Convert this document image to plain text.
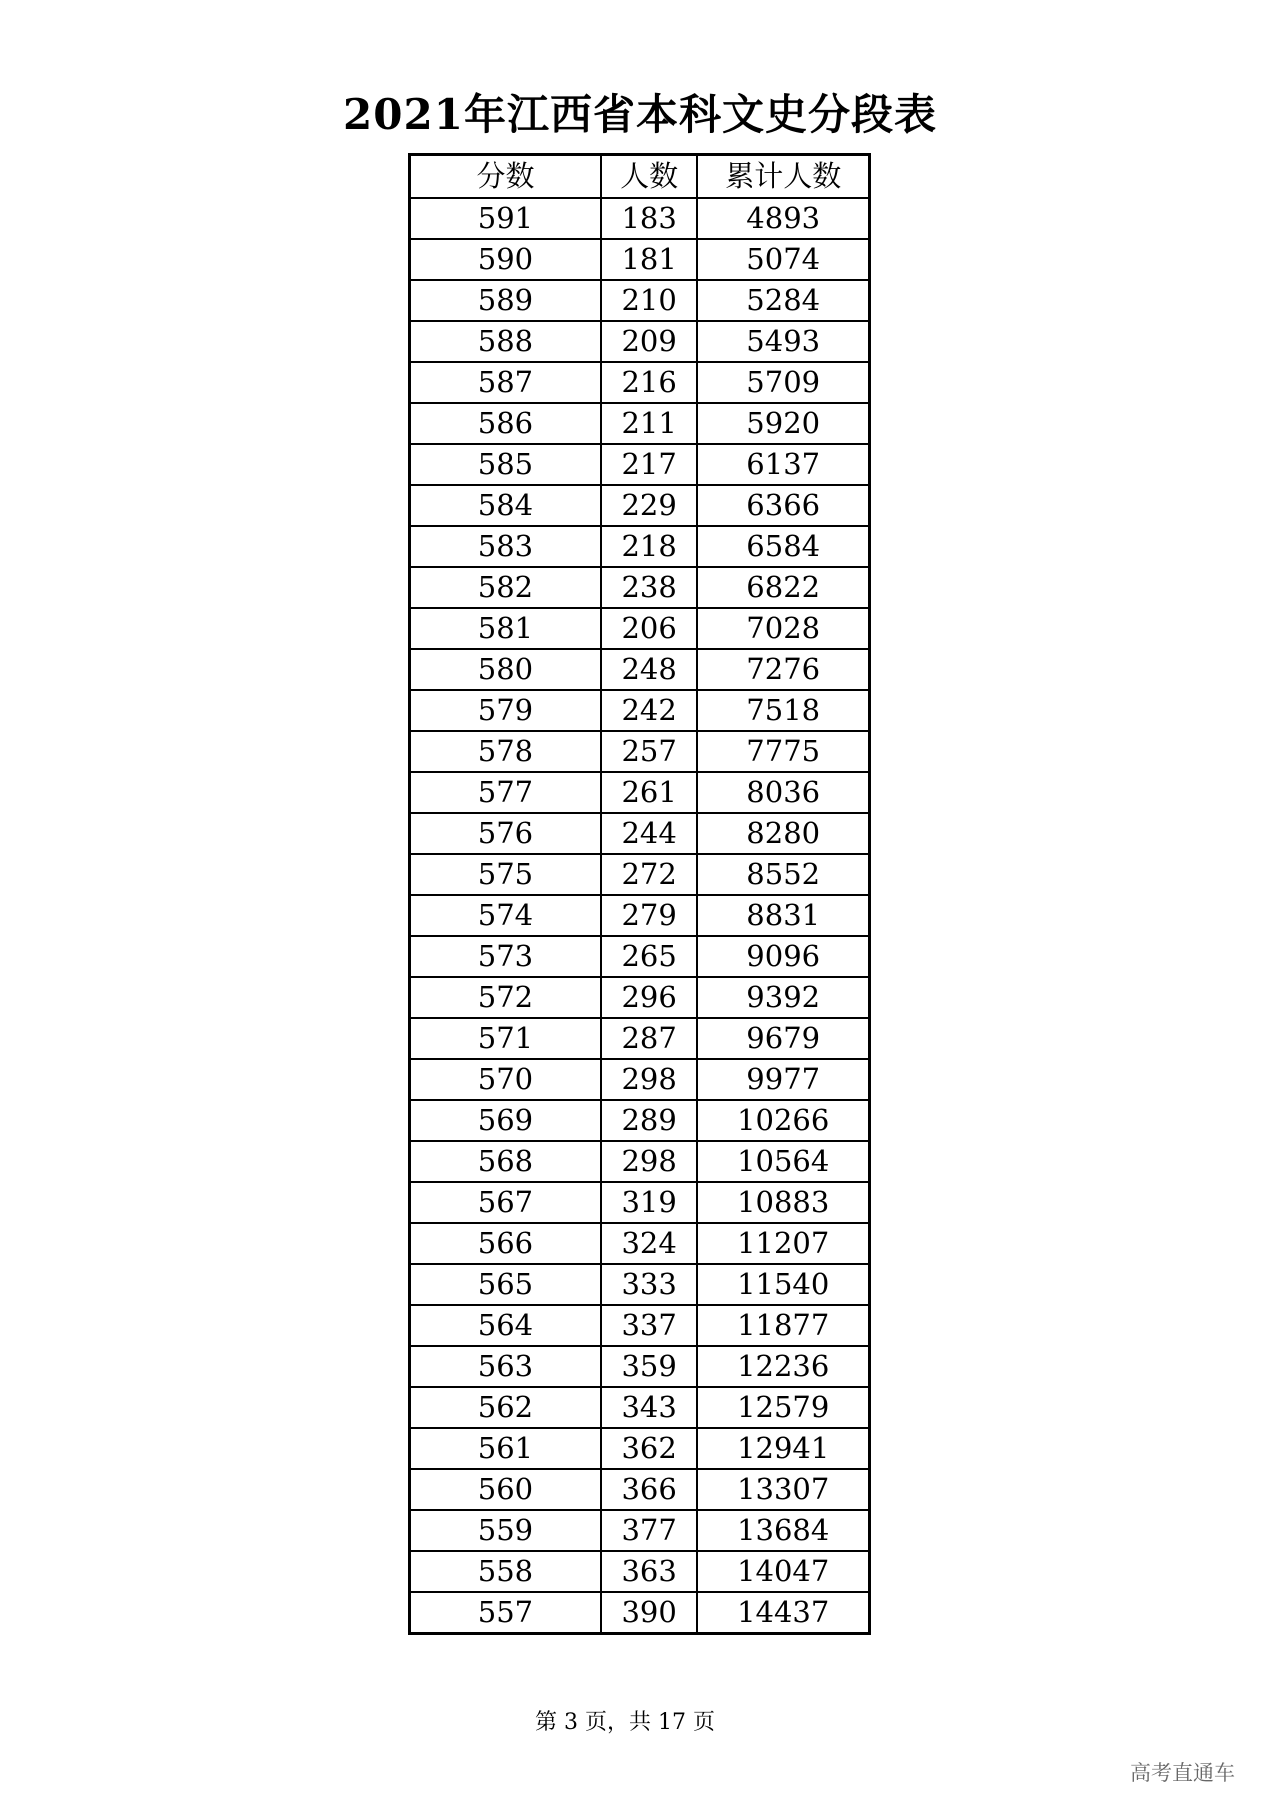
2021年江西省本科文史分段表
分数	人数	累计人数
591	183	4893
590	181	5074
589	210	5284
588	209	5493
587	216	5709
586	211	5920
585	217	6137
584	229	6366
583	218	6584
582	238	6822
581	206	7028
580	248	7276
579	242	7518
578	257	7775
577	261	8036
576	244	8280
575	272	8552
574	279	8831
573	265	9096
572	296	9392
571	287	9679
570	298	9977
569	289	10266
568	298	10564
567	319	10883
566	324	11207
565	333	11540
564	337	11877
563	359	12236
562	343	12579
561	362	12941
560	366	13307
559	377	13684
558	363	14047
557	390	14437
第 3 页，共 17 页
高考直通车
